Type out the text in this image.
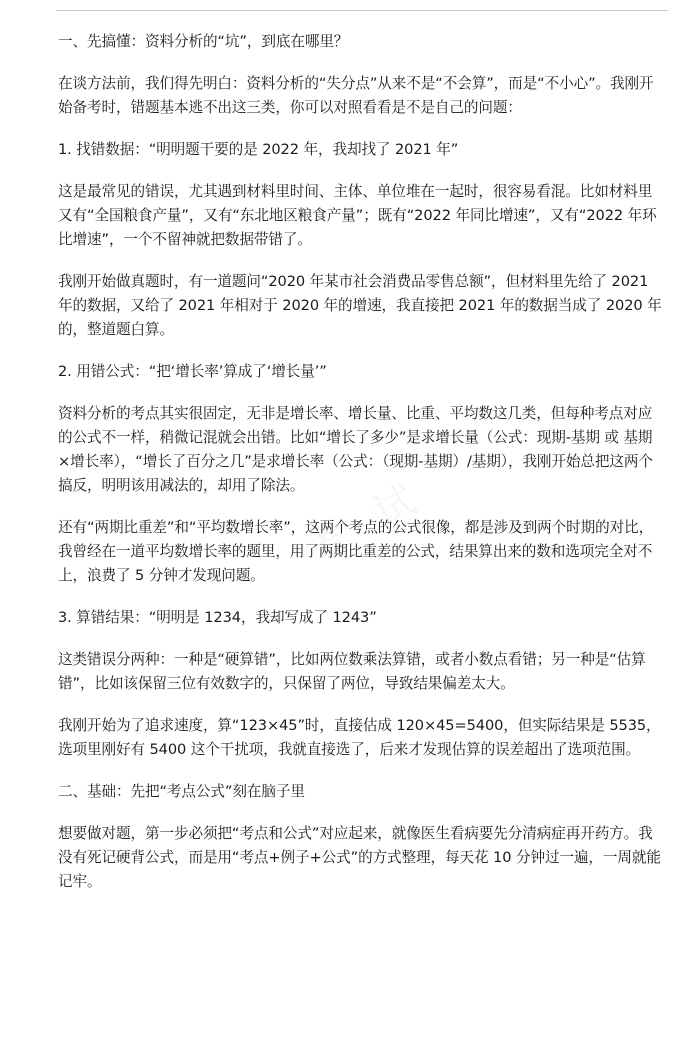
考 试

一、先搞懂：资料分析的“坑”，到底在哪里？

在谈方法前，我们得先明白：资料分析的“失分点”从来不是“不会算”，而是“不小心”。我刚开始备考时，错题基本逃不出这三类，你可以对照看看是不是自己的问题：

1. 找错数据：“明明题干要的是 2022 年，我却找了 2021 年”

这是最常见的错误，尤其遇到材料里时间、主体、单位堆在一起时，很容易看混。比如材料里又有“全国粮食产量”，又有“东北地区粮食产量”；既有“2022 年同比增速”，又有“2022 年环比增速”，一个不留神就把数据带错了。

我刚开始做真题时，有一道题问“2020 年某市社会消费品零售总额”，但材料里先给了 2021 年的数据，又给了 2021 年相对于 2020 年的增速，我直接把 2021 年的数据当成了 2020 年的，整道题白算。

2. 用错公式：“把‘增长率’算成了‘增长量’”

资料分析的考点其实很固定，无非是增长率、增长量、比重、平均数这几类，但每种考点对应的公式不一样，稍微记混就会出错。比如“增长了多少”是求增长量（公式：现期-基期 或 基期×增长率），“增长了百分之几”是求增长率（公式：（现期-基期）/基期），我刚开始总把这两个搞反，明明该用减法的，却用了除法。

还有“两期比重差”和“平均数增长率”，这两个考点的公式很像，都是涉及到两个时期的对比，我曾经在一道平均数增长率的题里，用了两期比重差的公式，结果算出来的数和选项完全对不上，浪费了 5 分钟才发现问题。

3. 算错结果：“明明是 1234，我却写成了 1243”

这类错误分两种：一种是“硬算错”，比如两位数乘法算错，或者小数点看错；另一种是“估算错”，比如该保留三位有效数字的，只保留了两位，导致结果偏差太大。

我刚开始为了追求速度，算“123×45”时，直接估成 120×45=5400，但实际结果是 5535，选项里刚好有 5400 这个干扰项，我就直接选了，后来才发现估算的误差超出了选项范围。

二、基础：先把“考点公式”刻在脑子里

想要做对题，第一步必须把“考点和公式”对应起来，就像医生看病要先分清病症再开药方。我没有死记硬背公式，而是用“考点+例子+公式”的方式整理，每天花 10 分钟过一遍，一周就能记牢。
